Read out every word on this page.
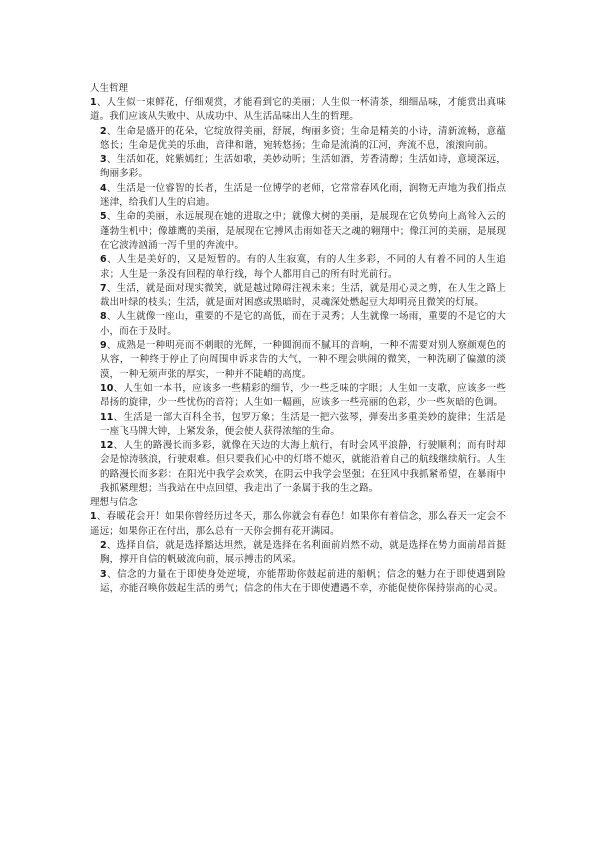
人生哲理

1、人生似一束鲜花，仔细观赏，才能看到它的美丽；人生似一杯清茶，细细品味，才能赏出真味道。我们应该从失败中、从成功中、从生活品味出人生的哲理。

2、生命是盛开的花朵，它绽放得美丽，舒展，绚丽多资；生命是精美的小诗，清新流畅，意蕴悠长；生命是优美的乐曲，音律和谐，宛转悠扬；生命是流淌的江河，奔流不息，滚滚向前。

3、生活如花，姹紫嫣红；生活如歌，美妙动听；生活如酒，芳香清醇；生活如诗，意境深远，绚丽多彩。

4、生活是一位睿智的长者，生活是一位博学的老师，它常常春风化雨，润物无声地为我们指点迷津，给我们人生的启迪。

5、生命的美丽，永远展现在她的进取之中；就像大树的美丽，是展现在它负势向上高耸入云的蓬勃生机中；像雄鹰的美丽，是展现在它搏风击雨如苍天之魂的翱翔中；像江河的美丽，是展现在它波涛汹涌一泻千里的奔流中。

6、人生是美好的，又是短暂的。有的人生寂寞，有的人生多彩，不同的人有着不同的人生追求；人生是一条没有回程的单行线，每个人都用自己的所有时光前行。

7、生活，就是面对现实微笑，就是越过障碍注视未来；生活，就是用心灵之剪，在人生之路上裁出叶绿的枝头；生活，就是面对困惑或黑暗时，灵魂深处燃起豆大却明亮且微笑的灯展。

8、人生就像一座山，重要的不是它的高低，而在于灵秀；人生就像一场雨，重要的不是它的大小，而在于及时。

9、成熟是一种明亮而不刺眼的光辉，一种圆润而不腻耳的音响，一种不需要对别人察颜观色的从容，一种终于停止了向周围申诉求告的大气，一种不理会哄闹的微笑，一种洗刷了偏激的淡漠，一种无须声张的厚实，一种并不陡峭的高度。

10、人生如一本书，应该多一些精彩的细节，少一些乏味的字眼；人生如一支歌，应该多一些昂扬的旋律，少一些忧伤的音符；人生如一幅画，应该多一些亮丽的色彩，少一些灰暗的色调。

11、生活是一部大百科全书，包罗万象；生活是一把六弦琴，弹奏出多重美妙的旋律；生活是一座飞马牌大钟，上紧发条，便会使人获得浓缩的生命。

12、人生的路漫长而多彩，就像在天边的大海上航行，有时会风平浪静，行驶顺利；而有时却会是惊涛骇浪，行驶艰难。但只要我们心中的灯塔不熄灭，就能沿着自己的航线继续航行。人生的路漫长而多彩：在阳光中我学会欢笑，在阴云中我学会坚强；在狂风中我抓紧希望，在暴雨中我抓紧理想；当我站在中点回望，我走出了一条属于我的生之路。

理想与信念

1、春暖花会开！如果你曾经历过冬天，那么你就会有春色！如果你有着信念，那么春天一定会不遥远；如果你正在付出，那么总有一天你会拥有花开满园。

2、选择自信，就是选择豁达坦然，就是选择在名利面前岿然不动，就是选择在势力面前昂首挺胸，撑开自信的帆破流向前，展示搏击的风采。

3、信念的力量在于即使身处逆境，亦能帮助你鼓起前进的船帆；信念的魅力在于即使遇到险运，亦能召唤你鼓起生活的勇气；信念的伟大在于即使遭遇不幸，亦能促使你保持崇高的心灵。
